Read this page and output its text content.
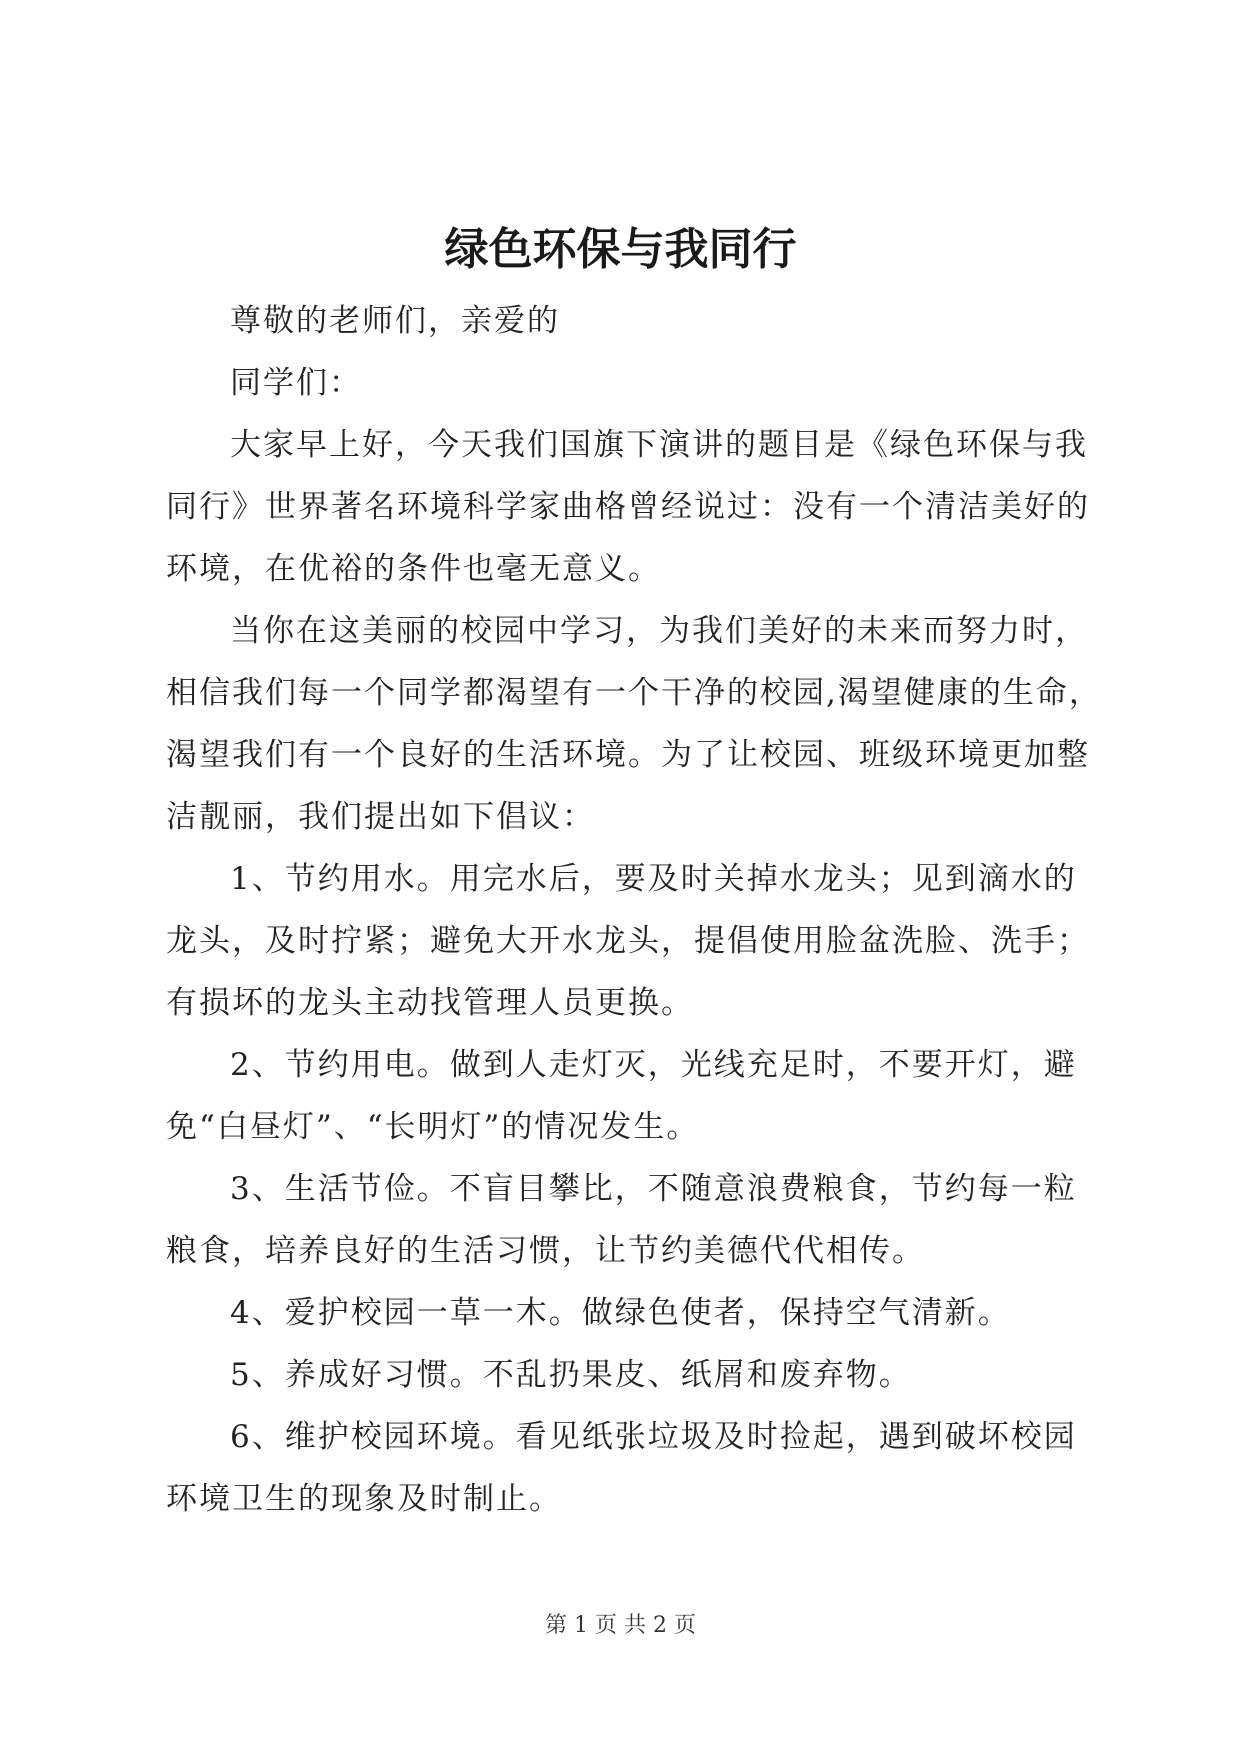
绿色环保与我同行

尊敬的老师们，亲爱的

同学们：

大家早上好，今天我们国旗下演讲的题目是《绿色环保与我
同行》世界著名环境科学家曲格曾经说过：没有一个清洁美好的
环境，在优裕的条件也毫无意义。

当你在这美丽的校园中学习，为我们美好的未来而努力时，
相信我们每一个同学都渴望有一个干净的校园,渴望健康的生命，
渴望我们有一个良好的生活环境。为了让校园、班级环境更加整
洁靓丽，我们提出如下倡议：

1、节约用水。用完水后，要及时关掉水龙头；见到滴水的
龙头，及时拧紧；避免大开水龙头，提倡使用脸盆洗脸、洗手；
有损坏的龙头主动找管理人员更换。

2、节约用电。做到人走灯灭，光线充足时，不要开灯，避
免“白昼灯”、“长明灯”的情况发生。

3、生活节俭。不盲目攀比，不随意浪费粮食，节约每一粒
粮食，培养良好的生活习惯，让节约美德代代相传。

4、爱护校园一草一木。做绿色使者，保持空气清新。

5、养成好习惯。不乱扔果皮、纸屑和废弃物。

6、维护校园环境。看见纸张垃圾及时捡起，遇到破坏校园
环境卫生的现象及时制止。

第 1 页 共 2 页
